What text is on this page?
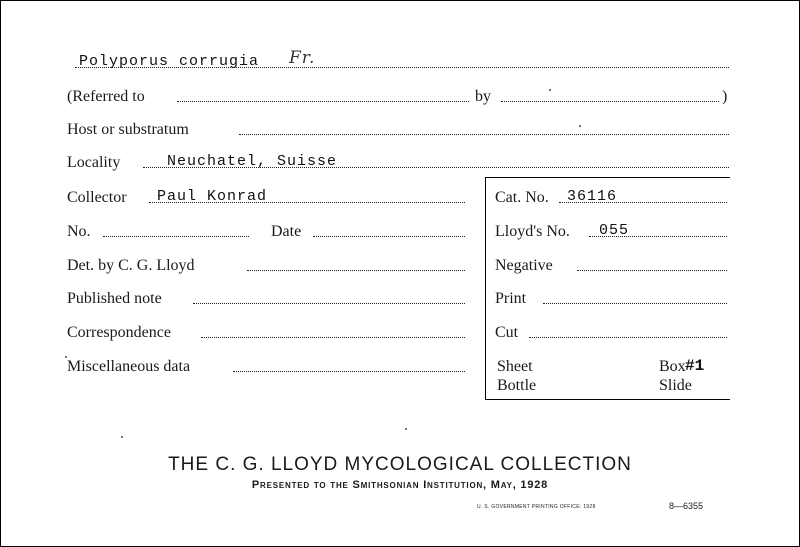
Polyporus corrugia Fr.
(Referred to	by	)
Host or substratum
Locality	Neuchatel, Suisse
Collector Paul Konrad
No.	Date
Det. by C. G. Lloyd
Published note
Correspondence
Miscellaneous data
Cat. No. 36116
Lloyd's No. 055
Negative
Print
Cut
Sheet	Box #1
Bottle	Slide
THE C. G. LLOYD MYCOLOGICAL COLLECTION
Presented to the Smithsonian Institution, May, 1928
U. S. GOVERNMENT PRINTING OFFICE: 1928	8—6355
